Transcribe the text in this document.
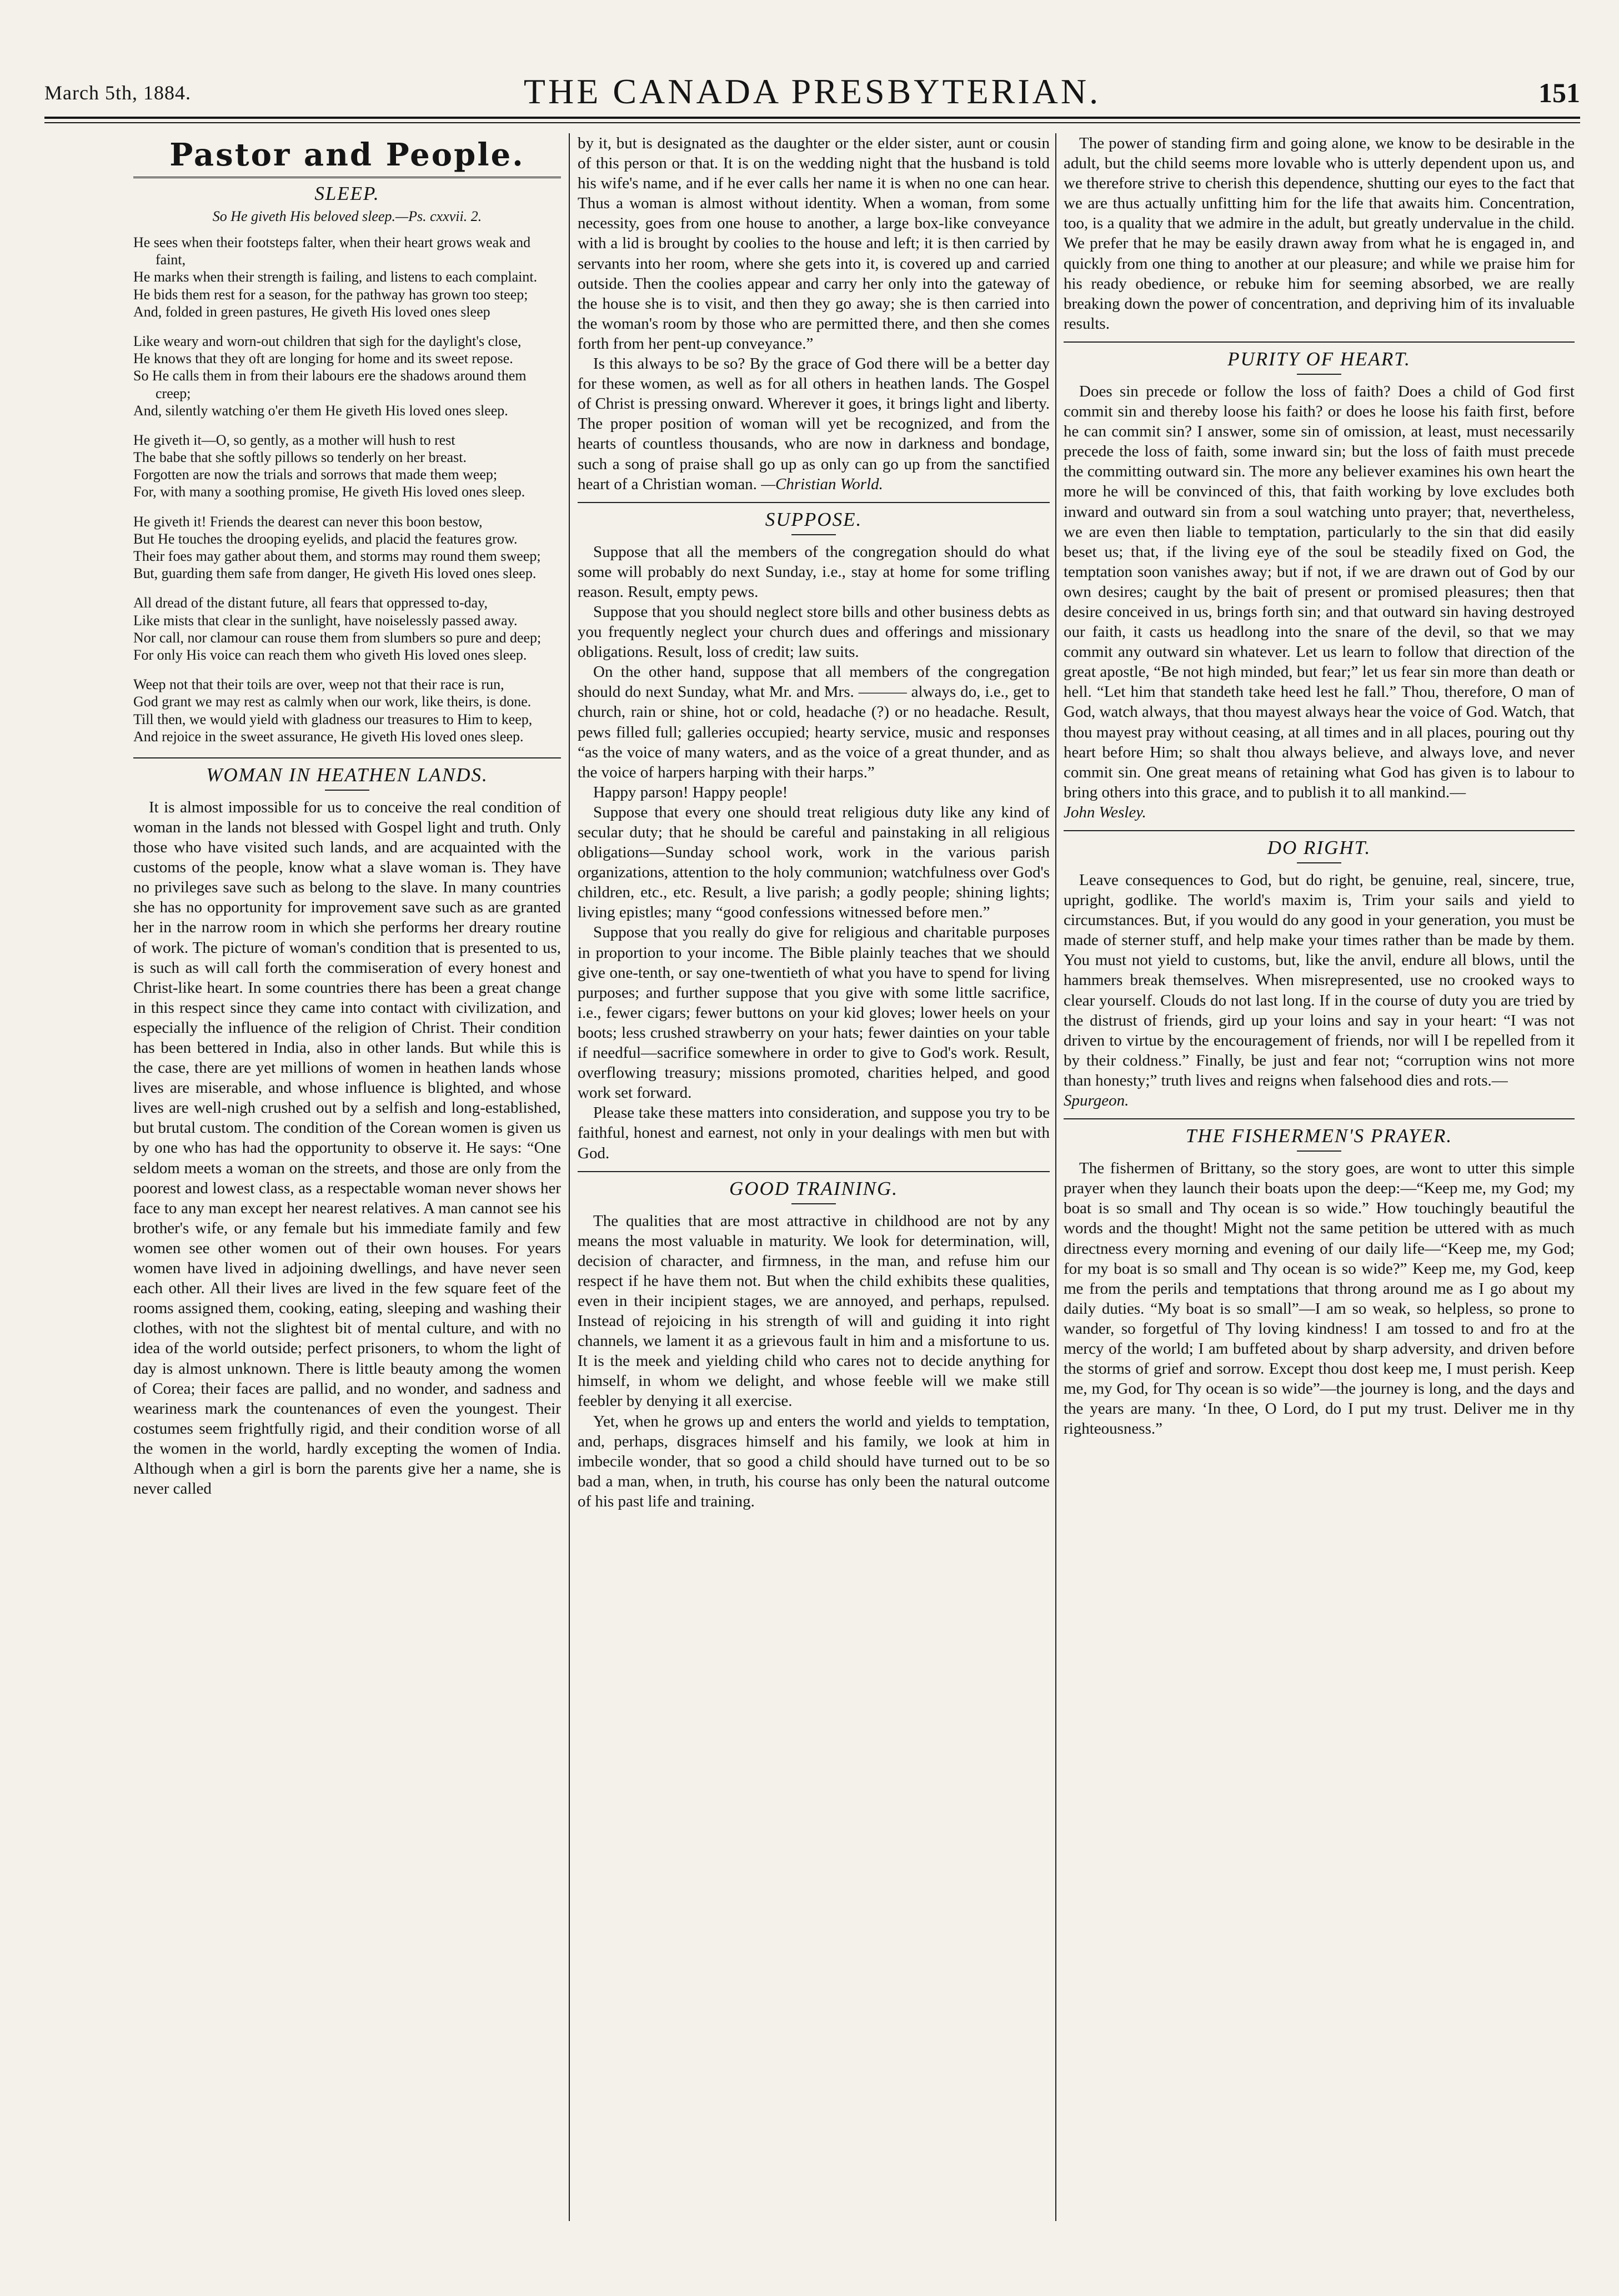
March 5th, 1884.	THE CANADA PRESBYTERIAN.	151
Pastor and People.
SLEEP.
So He giveth His beloved sleep.—Ps. cxxvii. 2.

He sees when their footsteps falter, when their heart grows weak and faint,

He marks when their strength is failing, and listens to each complaint.

He bids them rest for a season, for the pathway has grown too steep;

And, folded in green pastures, He giveth His loved ones sleep

Like weary and worn-out children that sigh for the daylight's close,

He knows that they oft are longing for home and its sweet repose.

So He calls them in from their labours ere the shadows around them creep;

And, silently watching o'er them He giveth His loved ones sleep.

He giveth it—O, so gently, as a mother will hush to rest

The babe that she softly pillows so tenderly on her breast.

Forgotten are now the trials and sorrows that made them weep;

For, with many a soothing promise, He giveth His loved ones sleep.

He giveth it! Friends the dearest can never this boon bestow,

But He touches the drooping eyelids, and placid the features grow.

Their foes may gather about them, and storms may round them sweep;

But, guarding them safe from danger, He giveth His loved ones sleep.

All dread of the distant future, all fears that oppressed to-day,

Like mists that clear in the sunlight, have noiselessly passed away.

Nor call, nor clamour can rouse them from slumbers so pure and deep;

For only His voice can reach them who giveth His loved ones sleep.

Weep not that their toils are over, weep not that their race is run,

God grant we may rest as calmly when our work, like theirs, is done.

Till then, we would yield with gladness our treasures to Him to keep,

And rejoice in the sweet assurance, He giveth His loved ones sleep.

WOMAN IN HEATHEN LANDS.

It is almost impossible for us to conceive the real condition of woman in the lands not blessed with Gospel light and truth. Only those who have visited such lands, and are acquainted with the customs of the people, know what a slave woman is. They have no privileges save such as belong to the slave. In many countries she has no opportunity for improvement save such as are granted her in the narrow room in which she performs her dreary routine of work. The picture of woman's condition that is presented to us, is such as will call forth the commiseration of every honest and Christ-like heart. In some countries there has been a great change in this respect since they came into contact with civilization, and especially the influence of the religion of Christ. Their condition has been bettered in India, also in other lands. But while this is the case, there are yet millions of women in heathen lands whose lives are miserable, and whose influence is blighted, and whose lives are well-nigh crushed out by a selfish and long-established, but brutal custom. The condition of the Corean women is given us by one who has had the opportunity to observe it. He says: “One seldom meets a woman on the streets, and those are only from the poorest and lowest class, as a respectable woman never shows her face to any man except her nearest relatives. A man cannot see his brother's wife, or any female but his immediate family and few women see other women out of their own houses. For years women have lived in adjoining dwellings, and have never seen each other. All their lives are lived in the few square feet of the rooms assigned them, cooking, eating, sleeping and washing their clothes, with not the slightest bit of mental culture, and with no idea of the world outside; perfect prisoners, to whom the light of day is almost unknown. There is little beauty among the women of Corea; their faces are pallid, and no wonder, and sadness and weariness mark the countenances of even the youngest. Their costumes seem frightfully rigid, and their condition worse of all the women in the world, hardly excepting the women of India. Although when a girl is born the parents give her a name, she is never called

by it, but is designated as the daughter or the elder sister, aunt or cousin of this person or that. It is on the wedding night that the husband is told his wife's name, and if he ever calls her name it is when no one can hear. Thus a woman is almost without identity. When a woman, from some necessity, goes from one house to another, a large box-like conveyance with a lid is brought by coolies to the house and left; it is then carried by servants into her room, where she gets into it, is covered up and carried outside. Then the coolies appear and carry her only into the gateway of the house she is to visit, and then they go away; she is then carried into the woman's room by those who are permitted there, and then she comes forth from her pent-up conveyance.”

Is this always to be so? By the grace of God there will be a better day for these women, as well as for all others in heathen lands. The Gospel of Christ is pressing onward. Wherever it goes, it brings light and liberty. The proper position of woman will yet be recognized, and from the hearts of countless thousands, who are now in darkness and bondage, such a song of praise shall go up as only can go up from the sanctified heart of a Christian woman. —Christian World.

SUPPOSE.

Suppose that all the members of the congregation should do what some will probably do next Sunday, i.e., stay at home for some trifling reason. Result, empty pews.

Suppose that you should neglect store bills and other business debts as you frequently neglect your church dues and offerings and missionary obligations. Result, loss of credit; law suits.

On the other hand, suppose that all members of the congregation should do next Sunday, what Mr. and Mrs. ——— always do, i.e., get to church, rain or shine, hot or cold, headache (?) or no headache. Result, pews filled full; galleries occupied; hearty service, music and responses “as the voice of many waters, and as the voice of a great thunder, and as the voice of harpers harping with their harps.”

Happy parson! Happy people!

Suppose that every one should treat religious duty like any kind of secular duty; that he should be careful and painstaking in all religious obligations—Sunday school work, work in the various parish organizations, attention to the holy communion; watchfulness over God's children, etc., etc. Result, a live parish; a godly people; shining lights; living epistles; many “good confessions witnessed before men.”

Suppose that you really do give for religious and charitable purposes in proportion to your income. The Bible plainly teaches that we should give one-tenth, or say one-twentieth of what you have to spend for living purposes; and further suppose that you give with some little sacrifice, i.e., fewer cigars; fewer buttons on your kid gloves; lower heels on your boots; less crushed strawberry on your hats; fewer dainties on your table if needful—sacrifice somewhere in order to give to God's work. Result, overflowing treasury; missions promoted, charities helped, and good work set forward.

Please take these matters into consideration, and suppose you try to be faithful, honest and earnest, not only in your dealings with men but with God.

GOOD TRAINING.

The qualities that are most attractive in childhood are not by any means the most valuable in maturity. We look for determination, will, decision of character, and firmness, in the man, and refuse him our respect if he have them not. But when the child exhibits these qualities, even in their incipient stages, we are annoyed, and perhaps, repulsed. Instead of rejoicing in his strength of will and guiding it into right channels, we lament it as a grievous fault in him and a misfortune to us. It is the meek and yielding child who cares not to decide anything for himself, in whom we delight, and whose feeble will we make still feebler by denying it all exercise.

Yet, when he grows up and enters the world and yields to temptation, and, perhaps, disgraces himself and his family, we look at him in imbecile wonder, that so good a child should have turned out to be so bad a man, when, in truth, his course has only been the natural outcome of his past life and training.

The power of standing firm and going alone, we know to be desirable in the adult, but the child seems more lovable who is utterly dependent upon us, and we therefore strive to cherish this dependence, shutting our eyes to the fact that we are thus actually unfitting him for the life that awaits him. Concentration, too, is a quality that we admire in the adult, but greatly undervalue in the child. We prefer that he may be easily drawn away from what he is engaged in, and quickly from one thing to another at our pleasure; and while we praise him for his ready obedience, or rebuke him for seeming absorbed, we are really breaking down the power of concentration, and depriving him of its invaluable results.

PURITY OF HEART.

Does sin precede or follow the loss of faith? Does a child of God first commit sin and thereby loose his faith? or does he loose his faith first, before he can commit sin? I answer, some sin of omission, at least, must necessarily precede the loss of faith, some inward sin; but the loss of faith must precede the committing outward sin. The more any believer examines his own heart the more he will be convinced of this, that faith working by love excludes both inward and outward sin from a soul watching unto prayer; that, nevertheless, we are even then liable to temptation, particularly to the sin that did easily beset us; that, if the living eye of the soul be steadily fixed on God, the temptation soon vanishes away; but if not, if we are drawn out of God by our own desires; caught by the bait of present or promised pleasures; then that desire conceived in us, brings forth sin; and that outward sin having destroyed our faith, it casts us headlong into the snare of the devil, so that we may commit any outward sin whatever. Let us learn to follow that direction of the great apostle, “Be not high minded, but fear;” let us fear sin more than death or hell. “Let him that standeth take heed lest he fall.” Thou, therefore, O man of God, watch always, that thou mayest always hear the voice of God. Watch, that thou mayest pray without ceasing, at all times and in all places, pouring out thy heart before Him; so shalt thou always believe, and always love, and never commit sin. One great means of retaining what God has given is to labour to bring others into this grace, and to publish it to all mankind.—

John Wesley.

DO RIGHT.

Leave consequences to God, but do right, be genuine, real, sincere, true, upright, godlike. The world's maxim is, Trim your sails and yield to circumstances. But, if you would do any good in your generation, you must be made of sterner stuff, and help make your times rather than be made by them. You must not yield to customs, but, like the anvil, endure all blows, until the hammers break themselves. When misrepresented, use no crooked ways to clear yourself. Clouds do not last long. If in the course of duty you are tried by the distrust of friends, gird up your loins and say in your heart: “I was not driven to virtue by the encouragement of friends, nor will I be repelled from it by their coldness.” Finally, be just and fear not; “corruption wins not more than honesty;” truth lives and reigns when falsehood dies and rots.—

Spurgeon.

THE FISHERMEN'S PRAYER.

The fishermen of Brittany, so the story goes, are wont to utter this simple prayer when they launch their boats upon the deep:—“Keep me, my God; my boat is so small and Thy ocean is so wide.” How touchingly beautiful the words and the thought! Might not the same petition be uttered with as much directness every morning and evening of our daily life—“Keep me, my God; for my boat is so small and Thy ocean is so wide?” Keep me, my God, keep me from the perils and temptations that throng around me as I go about my daily duties. “My boat is so small”—I am so weak, so helpless, so prone to wander, so forgetful of Thy loving kindness! I am tossed to and fro at the mercy of the world; I am buffeted about by sharp adversity, and driven before the storms of grief and sorrow. Except thou dost keep me, I must perish. Keep me, my God, for Thy ocean is so wide”—the journey is long, and the days and the years are many. ‘In thee, O Lord, do I put my trust. Deliver me in thy righteousness.”
